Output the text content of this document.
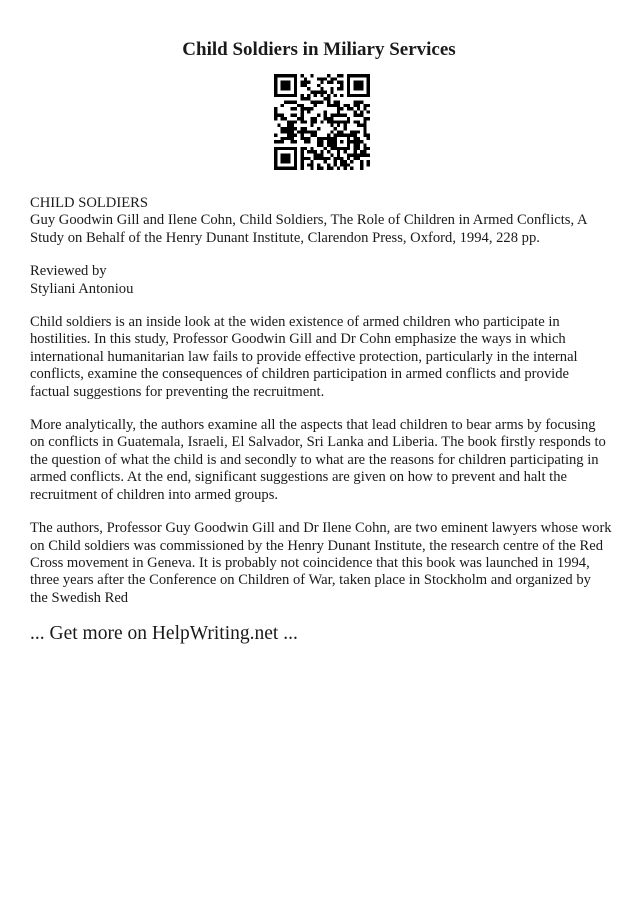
Child Soldiers in Miliary Services

CHILD SOLDIERS
Guy Goodwin Gill and Ilene Cohn, Child Soldiers, The Role of Children in Armed Conflicts, A Study on Behalf of the Henry Dunant Institute, Clarendon Press, Oxford, 1994, 228 pp.

Reviewed by
Styliani Antoniou

Child soldiers is an inside look at the widen existence of armed children who participate in hostilities. In this study, Professor Goodwin Gill and Dr Cohn emphasize the ways in which international humanitarian law fails to provide effective protection, particularly in the internal conflicts, examine the consequences of children participation in armed conflicts and provide factual suggestions for preventing the recruitment.

More analytically, the authors examine all the aspects that lead children to bear arms by focusing on conflicts in Guatemala, Israeli, El Salvador, Sri Lanka and Liberia. The book firstly responds to the question of what the child is and secondly to what are the reasons for children participating in armed conflicts. At the end, significant suggestions are given on how to prevent and halt the recruitment of children into armed groups.

The authors, Professor Guy Goodwin Gill and Dr Ilene Cohn, are two eminent lawyers whose work on Child soldiers was commissioned by the Henry Dunant Institute, the research centre of the Red Cross movement in Geneva. It is probably not coincidence that this book was launched in 1994, three years after the Conference on Children of War, taken place in Stockholm and organized by the Swedish Red

... Get more on HelpWriting.net ...
